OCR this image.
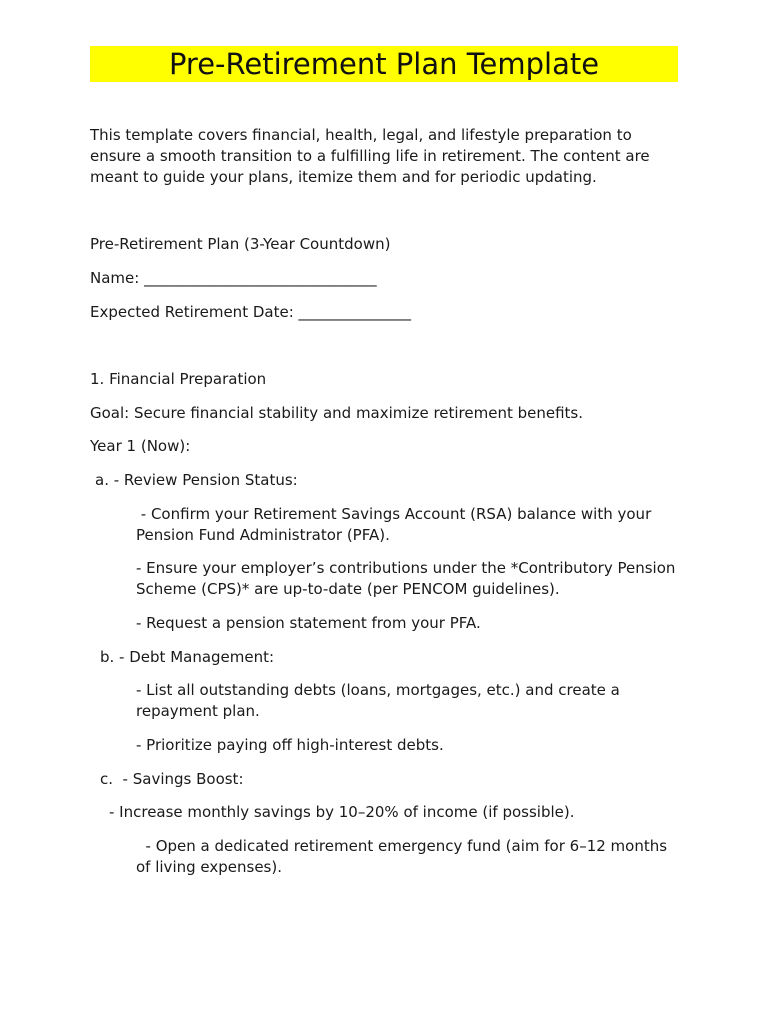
Pre-Retirement Plan Template
This template covers financial, health, legal, and lifestyle preparation to ensure a smooth transition to a fulfilling life in retirement. The content are meant to guide your plans, itemize them and for periodic updating.
Pre-Retirement Plan (3-Year Countdown)
Name: _______________________________
Expected Retirement Date: _______________
1. Financial Preparation
Goal: Secure financial stability and maximize retirement benefits.
Year 1 (Now):
a. - Review Pension Status:
- Confirm your Retirement Savings Account (RSA) balance with your Pension Fund Administrator (PFA).
- Ensure your employer’s contributions under the *Contributory Pension Scheme (CPS)* are up-to-date (per PENCOM guidelines).
- Request a pension statement from your PFA.
b. - Debt Management:
- List all outstanding debts (loans, mortgages, etc.) and create a repayment plan.
- Prioritize paying off high-interest debts.
c.  - Savings Boost:
- Increase monthly savings by 10–20% of income (if possible).
- Open a dedicated retirement emergency fund (aim for 6–12 months of living expenses).
